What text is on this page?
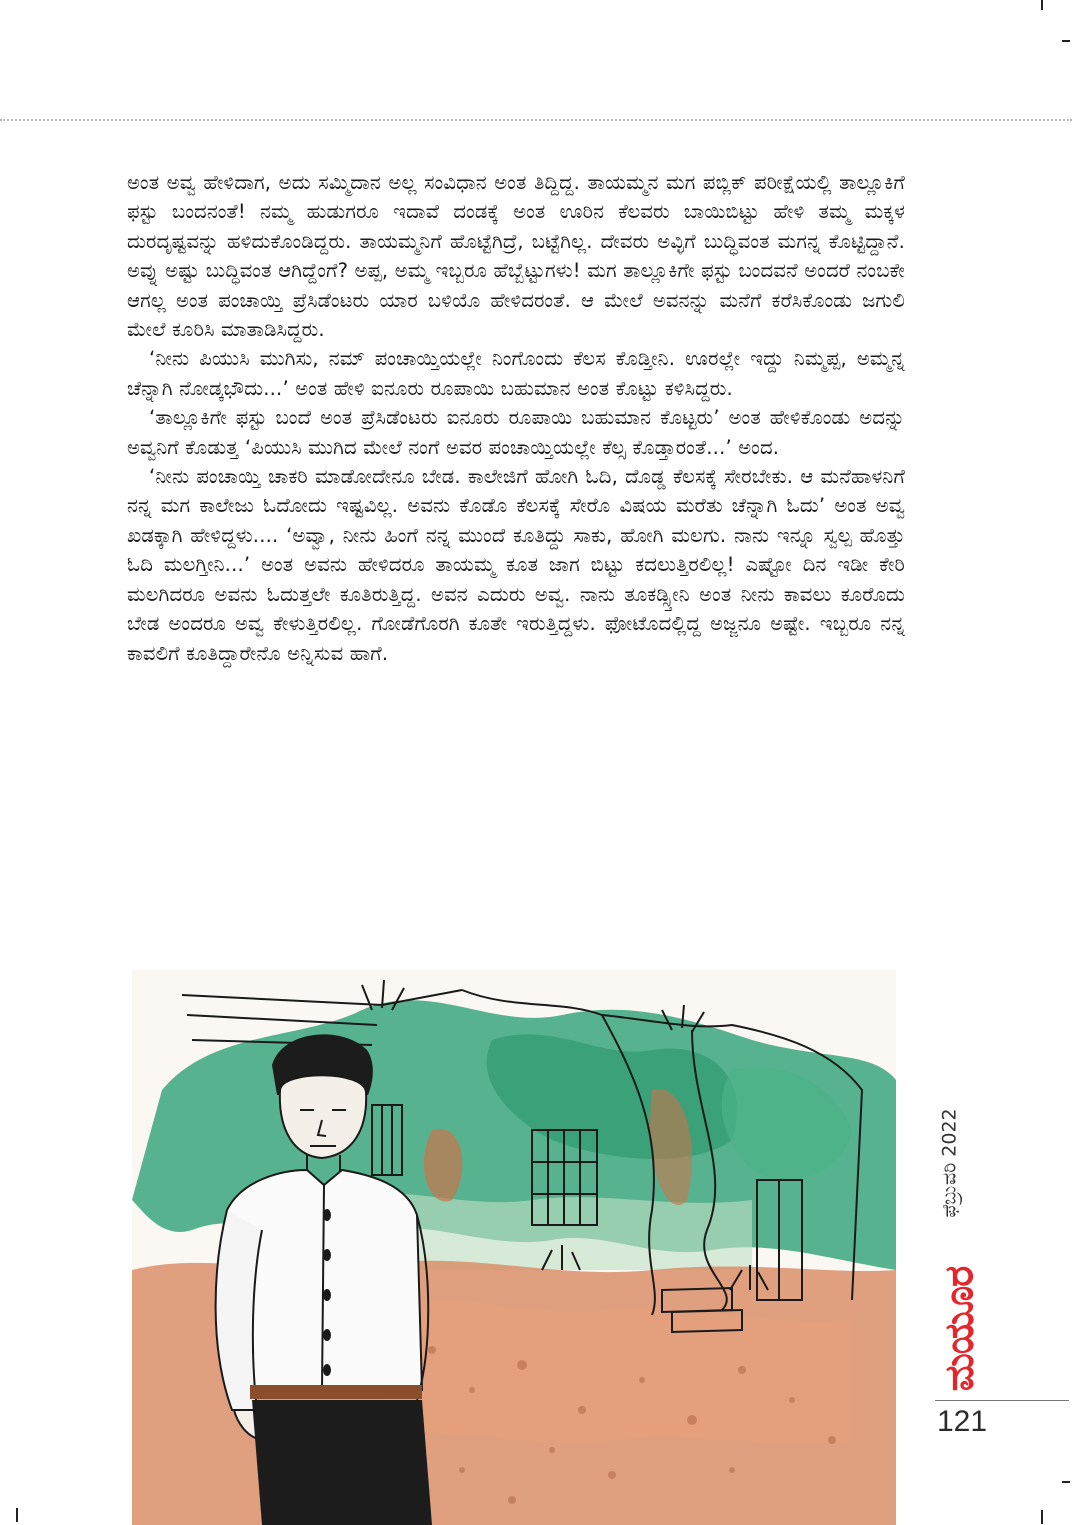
ಅಂತ ಅವ್ವ ಹೇಳಿದಾಗ, ಅದು ಸಮ್ಮಿದಾನ ಅಲ್ಲ ಸಂವಿಧಾನ ಅಂತ ತಿದ್ದಿದ್ದ. ತಾಯಮ್ಮನ ಮಗ ಪಬ್ಲಿಕ್ ಪರೀಕ್ಷೆಯಲ್ಲಿ ತಾಲ್ಲೂಕಿಗೆ ಫಸ್ಟು ಬಂದನಂತೆ! ನಮ್ಮ ಹುಡುಗರೂ ಇದಾವೆ ದಂಡಕ್ಕೆ ಅಂತ ಊರಿನ ಕೆಲವರು ಬಾಯಿಬಿಟ್ಟು ಹೇಳಿ ತಮ್ಮ ಮಕ್ಕಳ ದುರದೃಷ್ಟವನ್ನು ಹಳಿದುಕೊಂಡಿದ್ದರು. ತಾಯಮ್ಮನಿಗೆ ಹೊಟ್ಟೆಗಿದ್ರೆ, ಬಟ್ಟೆಗಿಲ್ಲ. ದೇವರು ಅವ್ಳಿಗೆ ಬುದ್ಧಿವಂತ ಮಗನ್ನ ಕೊಟ್ಟಿದ್ದಾನೆ. ಅವ್ನು ಅಷ್ಟು ಬುದ್ಧಿವಂತ ಆಗಿದ್ದೆಂಗೆ? ಅಪ್ಪ, ಅಮ್ಮ ಇಬ್ಬರೂ ಹೆಬ್ಬೆಟ್ಟುಗಳು! ಮಗ ತಾಲ್ಲೂಕಿಗೇ ಫಸ್ಟು ಬಂದವನೆ ಅಂದರೆ ನಂಬಕೇ ಆಗಲ್ಲ ಅಂತ ಪಂಚಾಯ್ತಿ ಪ್ರೆಸಿಡೆಂಟರು ಯಾರ ಬಳಿಯೊ ಹೇಳಿದರಂತೆ. ಆ ಮೇಲೆ ಅವನನ್ನು ಮನೆಗೆ ಕರೆಸಿಕೊಂಡು ಜಗುಲಿ ಮೇಲೆ ಕೂರಿಸಿ ಮಾತಾಡಿಸಿದ್ದರು.

‘ನೀನು ಪಿಯುಸಿ ಮುಗಿಸು, ನಮ್ ಪಂಚಾಯ್ತಿಯಲ್ಲೇ ನಿಂಗೊಂದು ಕೆಲಸ ಕೊಡ್ತೀನಿ. ಊರಲ್ಲೇ ಇದ್ದು ನಿಮ್ಮಪ್ಪ, ಅಮ್ಮನ್ನ ಚೆನ್ನಾಗಿ ನೋಡ್ಕಭೌದು...’ ಅಂತ ಹೇಳಿ ಐನೂರು ರೂಪಾಯಿ ಬಹುಮಾನ ಅಂತ ಕೊಟ್ಟು ಕಳಿಸಿದ್ದರು.

‘ತಾಲ್ಲೂಕಿಗೇ ಫಸ್ಟು ಬಂದೆ ಅಂತ ಪ್ರೆಸಿಡೆಂಟರು ಐನೂರು ರೂಪಾಯಿ ಬಹುಮಾನ ಕೊಟ್ಟರು’ ಅಂತ ಹೇಳಿಕೊಂಡು ಅದನ್ನು ಅವ್ವನಿಗೆ ಕೊಡುತ್ತ ‘ಪಿಯುಸಿ ಮುಗಿದ ಮೇಲೆ ನಂಗೆ ಅವರ ಪಂಚಾಯ್ತಿಯಲ್ಲೇ ಕೆಲ್ಸ ಕೊಡ್ತಾರಂತೆ...’ ಅಂದ.

‘ನೀನು ಪಂಚಾಯ್ತಿ ಚಾಕರಿ ಮಾಡೋದೇನೂ ಬೇಡ. ಕಾಲೇಜಿಗೆ ಹೋಗಿ ಓದಿ, ದೊಡ್ಡ ಕೆಲಸಕ್ಕೆ ಸೇರಬೇಕು. ಆ ಮನೆಹಾಳನಿಗೆ ನನ್ನ ಮಗ ಕಾಲೇಜು ಓದೋದು ಇಷ್ಟವಿಲ್ಲ. ಅವನು ಕೊಡೊ ಕೆಲಸಕ್ಕೆ ಸೇರೊ ವಿಷಯ ಮರೆತು ಚೆನ್ನಾಗಿ ಓದು’ ಅಂತ ಅವ್ವ ಖಡಕ್ಕಾಗಿ ಹೇಳಿದ್ದಳು.... ‘ಅವ್ವಾ, ನೀನು ಹಿಂಗೆ ನನ್ನ ಮುಂದೆ ಕೂತಿದ್ದು ಸಾಕು, ಹೋಗಿ ಮಲಗು. ನಾನು ಇನ್ನೂ ಸ್ವಲ್ಪ ಹೊತ್ತು ಓದಿ ಮಲಗ್ತೀನಿ...’ ಅಂತ ಅವನು ಹೇಳಿದರೂ ತಾಯಮ್ಮ ಕೂತ ಜಾಗ ಬಿಟ್ಟು ಕದಲುತ್ತಿರಲಿಲ್ಲ! ಎಷ್ಟೋ ದಿನ ಇಡೀ ಕೇರಿ ಮಲಗಿದರೂ ಅವನು ಓದುತ್ತಲೇ ಕೂತಿರುತ್ತಿದ್ದ. ಅವನ ಎದುರು ಅವ್ವ. ನಾನು ತೂಕಡ್ಸ್ತೀನಿ ಅಂತ ನೀನು ಕಾವಲು ಕೂರೊದು ಬೇಡ ಅಂದರೂ ಅವ್ವ ಕೇಳುತ್ತಿರಲಿಲ್ಲ. ಗೋಡೆಗೊರಗಿ ಕೂತೇ ಇರುತ್ತಿದ್ದಳು. ಫೋಟೊದಲ್ಲಿದ್ದ ಅಜ್ಜನೂ ಅಷ್ಟೇ. ಇಬ್ಬರೂ ನನ್ನ ಕಾವಲಿಗೆ ಕೂತಿದ್ದಾರೇನೊ ಅನ್ನಿಸುವ ಹಾಗೆ.

ಫೆಬ್ರುವರಿ 2022
ಮಯೂರ
121
